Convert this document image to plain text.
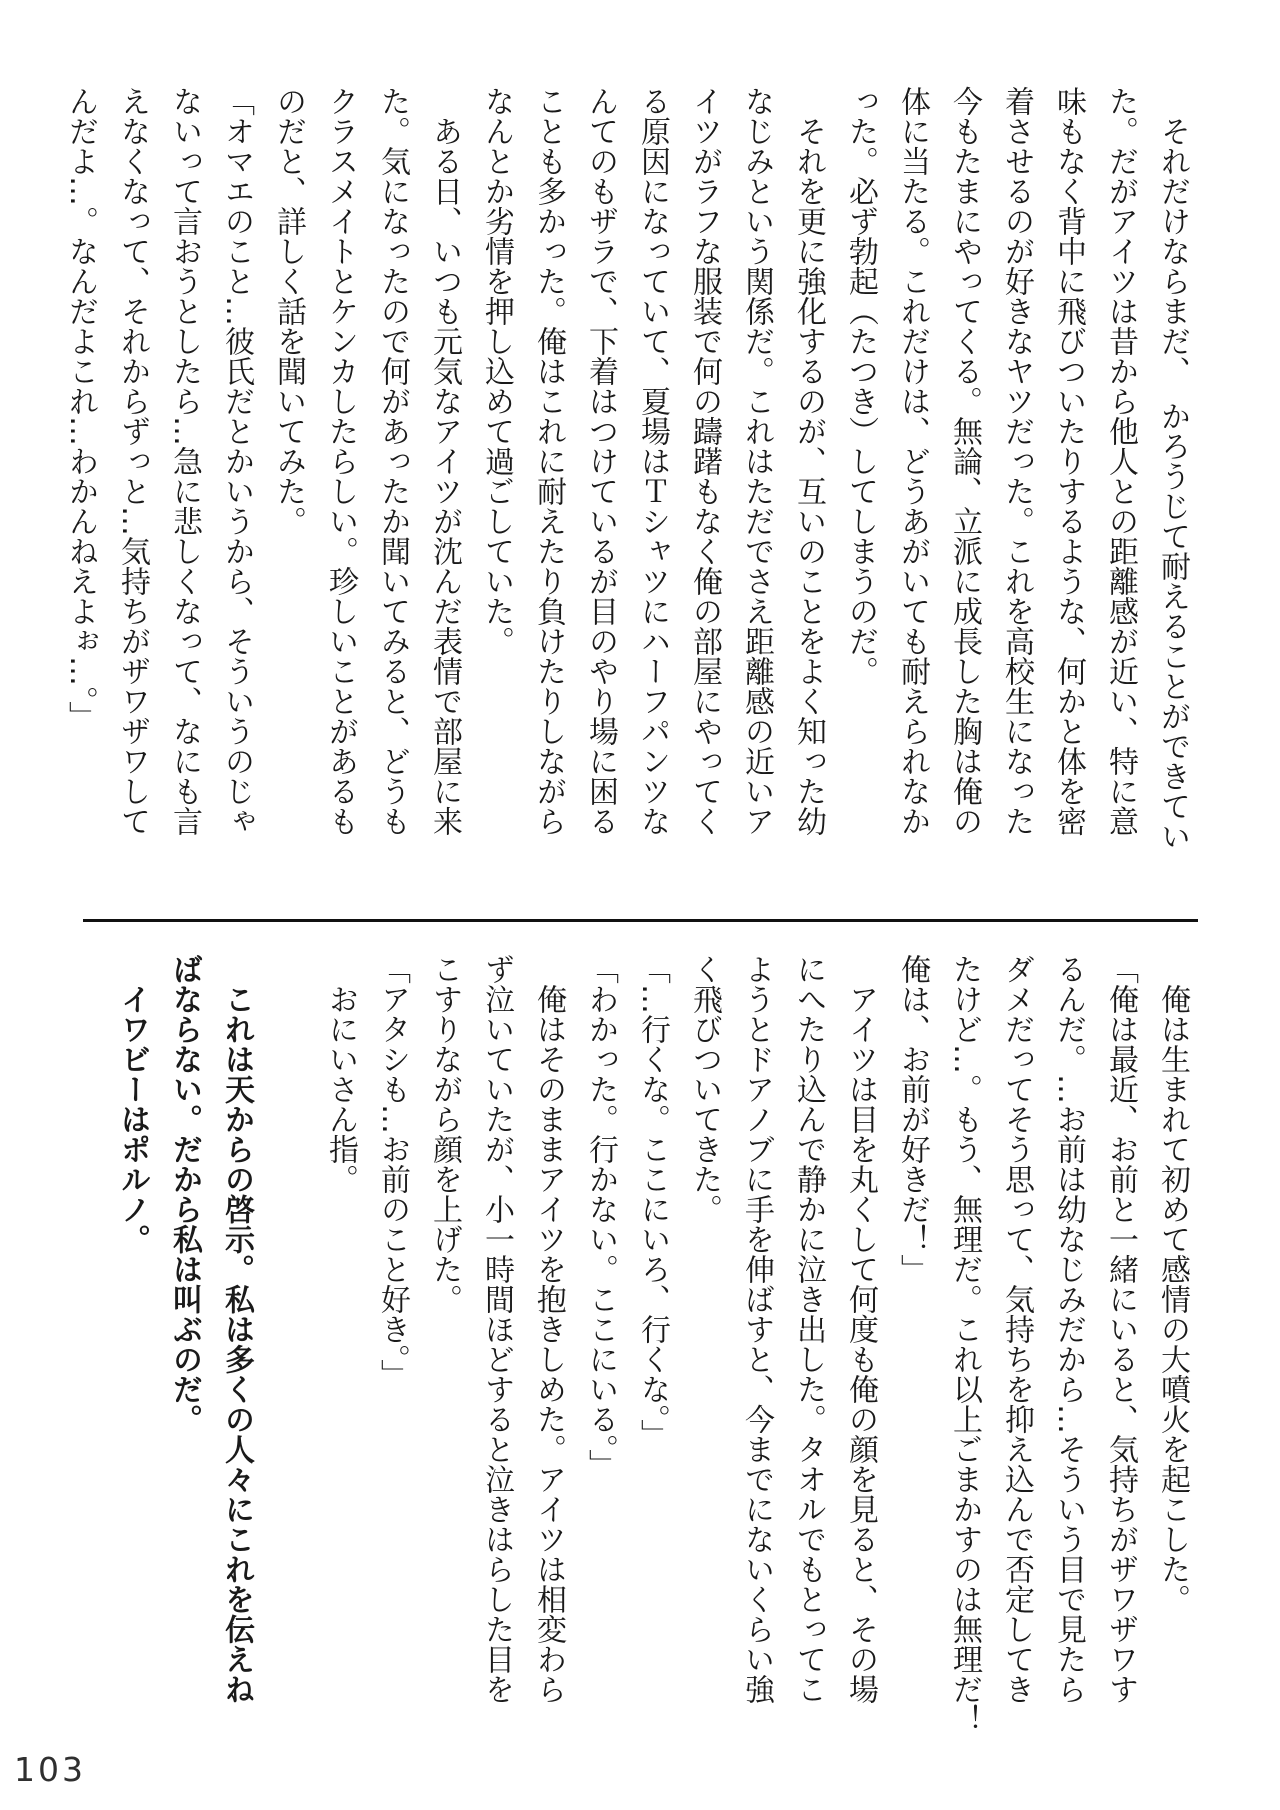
それだけならまだ、　かろうじて耐えることができてい
た。だがアイツは昔から他人との距離感が近い、特に意
味もなく背中に飛びついたりするような、何かと体を密
着させるのが好きなヤツだった。これを高校生になった
今もたまにやってくる。無論、立派に成長した胸は俺の
体に当たる。これだけは、どうあがいても耐えられなか
った。必ず勃起（たつき）してしまうのだ。
それを更に強化するのが、互いのことをよく知った幼
なじみという関係だ。これはただでさえ距離感の近いア
イツがラフな服装で何の躊躇もなく俺の部屋にやってく
る原因になっていて、夏場はＴシャツにハーフパンツな
んてのもザラで、下着はつけているが目のやり場に困る
ことも多かった。俺はこれに耐えたり負けたりしながら
なんとか劣情を押し込めて過ごしていた。
ある日、いつも元気なアイツが沈んだ表情で部屋に来
た。気になったので何があったか聞いてみると、どうも
クラスメイトとケンカしたらしい。珍しいことがあるも
のだと、詳しく話を聞いてみた。
「オマエのこと…彼氏だとかいうから、そういうのじゃ
ないって言おうとしたら…急に悲しくなって、なにも言
えなくなって、それからずっと…気持ちがザワザワして
んだよ…。なんだよこれ…わかんねえよぉ…。」
俺は生まれて初めて感情の大噴火を起こした。
「俺は最近、お前と一緒にいると、気持ちがザワザワす
るんだ。…お前は幼なじみだから…そういう目で見たら
ダメだってそう思って、気持ちを抑え込んで否定してき
たけど…。もう、無理だ。これ以上ごまかすのは無理だ！
俺は、お前が好きだ！」
アイツは目を丸くして何度も俺の顔を見ると、その場
にへたり込んで静かに泣き出した。タオルでもとってこ
ようとドアノブに手を伸ばすと、今までにないくらい強
く飛びついてきた。
「…行くな。ここにいろ、行くな。」
「わかった。行かない。ここにいる。」
俺はそのままアイツを抱きしめた。アイツは相変わら
ず泣いていたが、小一時間ほどすると泣きはらした目を
こすりながら顔を上げた。
「アタシも…お前のこと好き。」
おにいさん指。
これは天からの啓示。私は多くの人々にこれを伝えね
ばならない。だから私は叫ぶのだ。
イワビーはポルノ。
103
